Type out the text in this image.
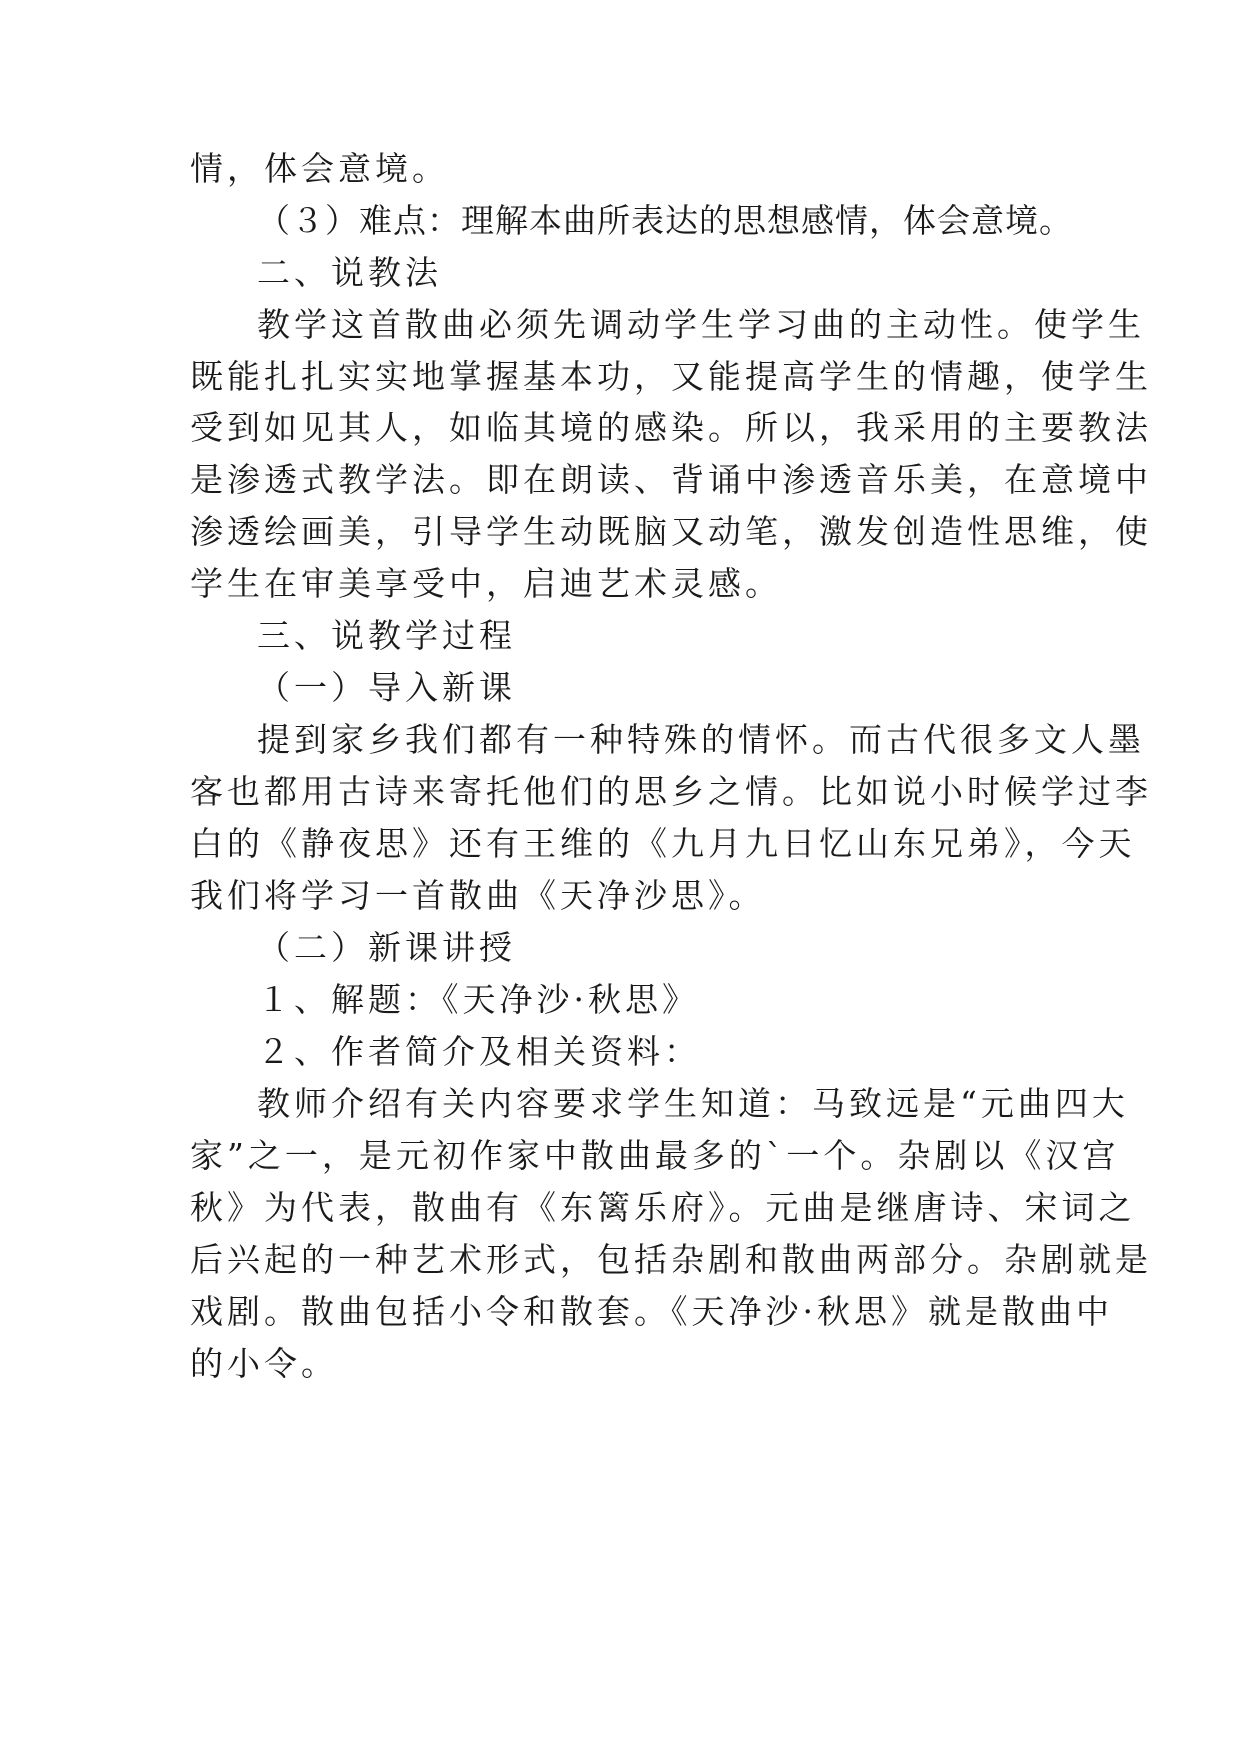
情，体会意境。

（３）难点：理解本曲所表达的思想感情，体会意境。

二、说教法

教学这首散曲必须先调动学生学习曲的主动性。使学生

既能扎扎实实地掌握基本功，又能提高学生的情趣，使学生

受到如见其人，如临其境的感染。所以，我采用的主要教法

是渗透式教学法。即在朗读、背诵中渗透音乐美，在意境中

渗透绘画美，引导学生动既脑又动笔，激发创造性思维，使

学生在审美享受中，启迪艺术灵感。

三、说教学过程

（一）导入新课

提到家乡我们都有一种特殊的情怀。而古代很多文人墨

客也都用古诗来寄托他们的思乡之情。比如说小时候学过李

白的《静夜思》还有王维的《九月九日忆山东兄弟》，今天

我们将学习一首散曲《天净沙思》。

（二）新课讲授

１、解题：《天净沙·秋思》

２、作者简介及相关资料：

教师介绍有关内容要求学生知道：马致远是“元曲四大

家”之一，是元初作家中散曲最多的`一个。杂剧以《汉宫

秋》为代表，散曲有《东篱乐府》。元曲是继唐诗、宋词之

后兴起的一种艺术形式，包括杂剧和散曲两部分。杂剧就是

戏剧。散曲包括小令和散套。《天净沙·秋思》就是散曲中

的小令。
